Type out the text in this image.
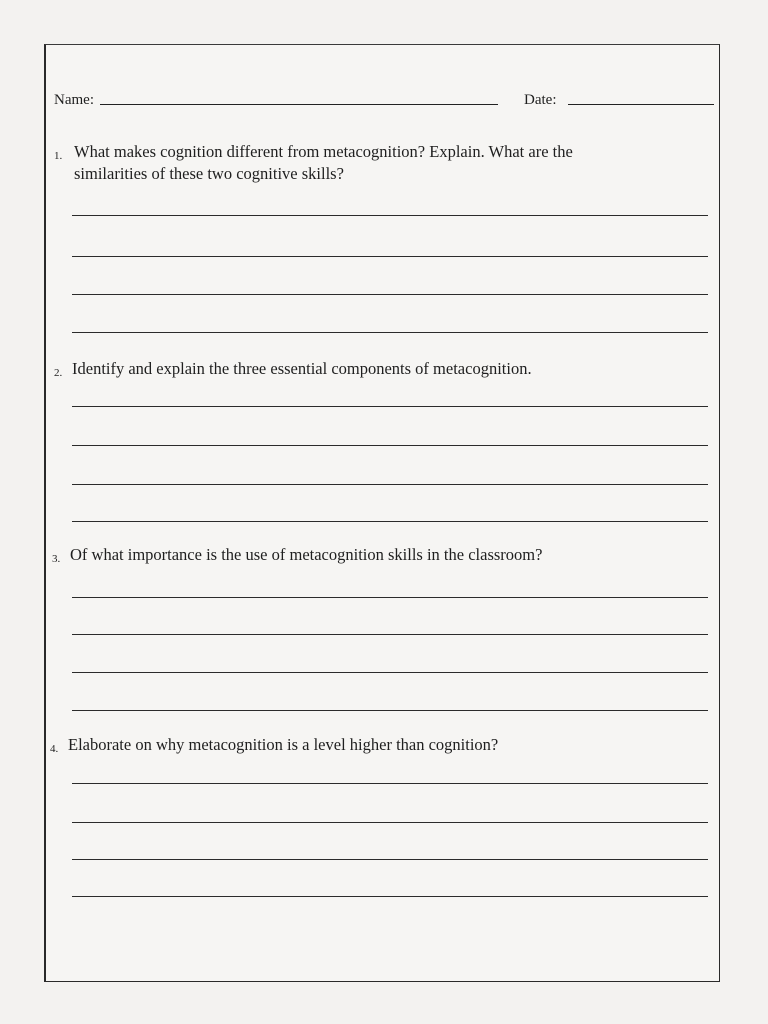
Name:	Date:
1. What makes cognition different from metacognition? Explain. What are the
similarities of these two cognitive skills?
2. Identify and explain the three essential components of metacognition.
3. Of what importance is the use of metacognition skills in the classroom?
4. Elaborate on why metacognition is a level higher than cognition?
